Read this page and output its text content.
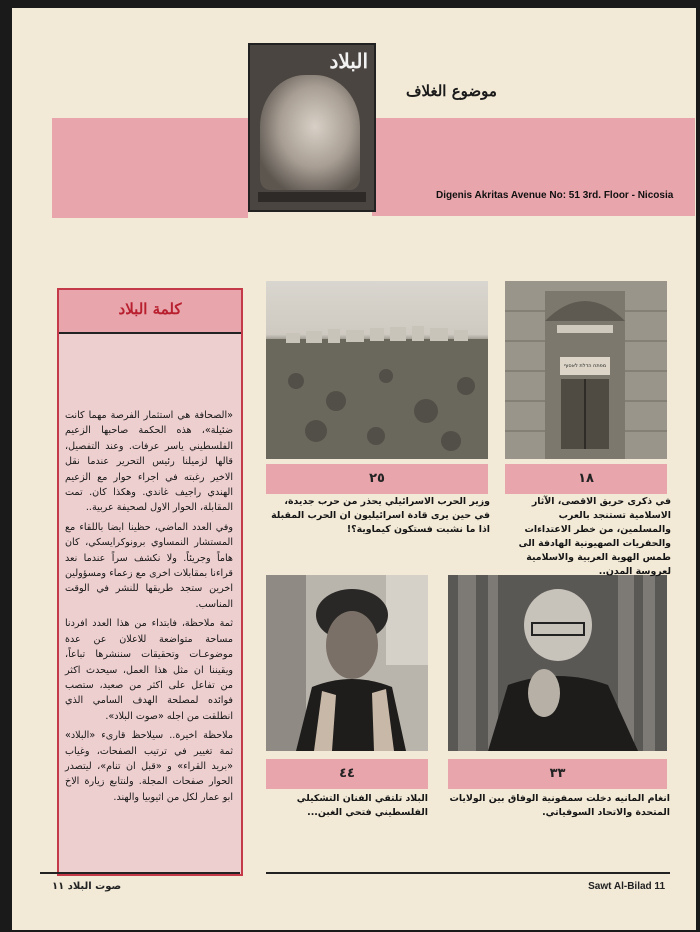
البلاد
موضوع الغلاف
Digenis Akritas Avenue No: 51 3rd. Floor - Nicosia
كلمة البلاد

«الصحافة هي استثمار الفرصة مهما كانت ضئيلة»، هذه الحكمة صاحبها الزعيم الفلسطيني ياسر عرفات. وعند التفصيل، قالها لزميلنا رئيس التحرير عندما نقل الاخير رغبته في اجراء حوار مع الزعيم الهندي راجيف غاندي. وهكذا كان. تمت المقابلة، الحوار الاول لصحيفة عربية..

وفي العدد الماضي، حظينا ايضا باللقاء مع المستشار النمساوي برونوكرايسكي، كان هاماً وجريئاً. ولا نكشف سراً عندما نعد قراءنا بمقابلات اخرى مع زعماء ومسؤولين اخرين ستجد طريقها للنشر في الوقت المناسب.

ثمة ملاحظة، فابتداء من هذا العدد افردنا مساحة متواضعة للاعلان عن عدة موضوعـات وتحقيقات سننشرها تباعاً، ويقيننا ان مثل هذا العمل، سيحدث اكثر من تفاعل على اكثر من صعيد، ستصب فوائده لمصلحة الهدف السامي الذي انطلقت من اجله «صوت البلاد».

ملاحظة اخيرة.. سيلاحظ قارىء «البلاد» ثمة تغيير في ترتيب الصفحات، وغياب «بريد القراء» و «قبل ان تنام»، ليتصدر الحوار صفحات المجلة. ولنتابع زيارة الاخ ابو عمار لكل من اثيوبيا والهند.

מפתח הדלת לאסוף
١٨
٢٥
٣٣
٤٤
في ذكرى حريق الاقصى، الآثار الاسلامية تستنجد بالعرب والمسلمين، من خطر الاعتداءات والحفريات الصهيونية الهادفة الى طمس الهوية العربية والاسلامية لعروسة المدن..
وزير الحرب الاسرائيلي يحذر من حرب جديدة، في حين يرى قادة اسرائيليون ان الحرب المقبلة اذا ما نشبت فستكون كيماوية؟!
انغام المانيه دخلت سمفونية الوفاق بين الولايات المتحدة والاتحاد السوفياتي.
البلاد تلتقي الفنان التشكيلي الفلسطيني فتحي الغبن...
صوت البلاد ١١	Sawt Al-Bilad 11
